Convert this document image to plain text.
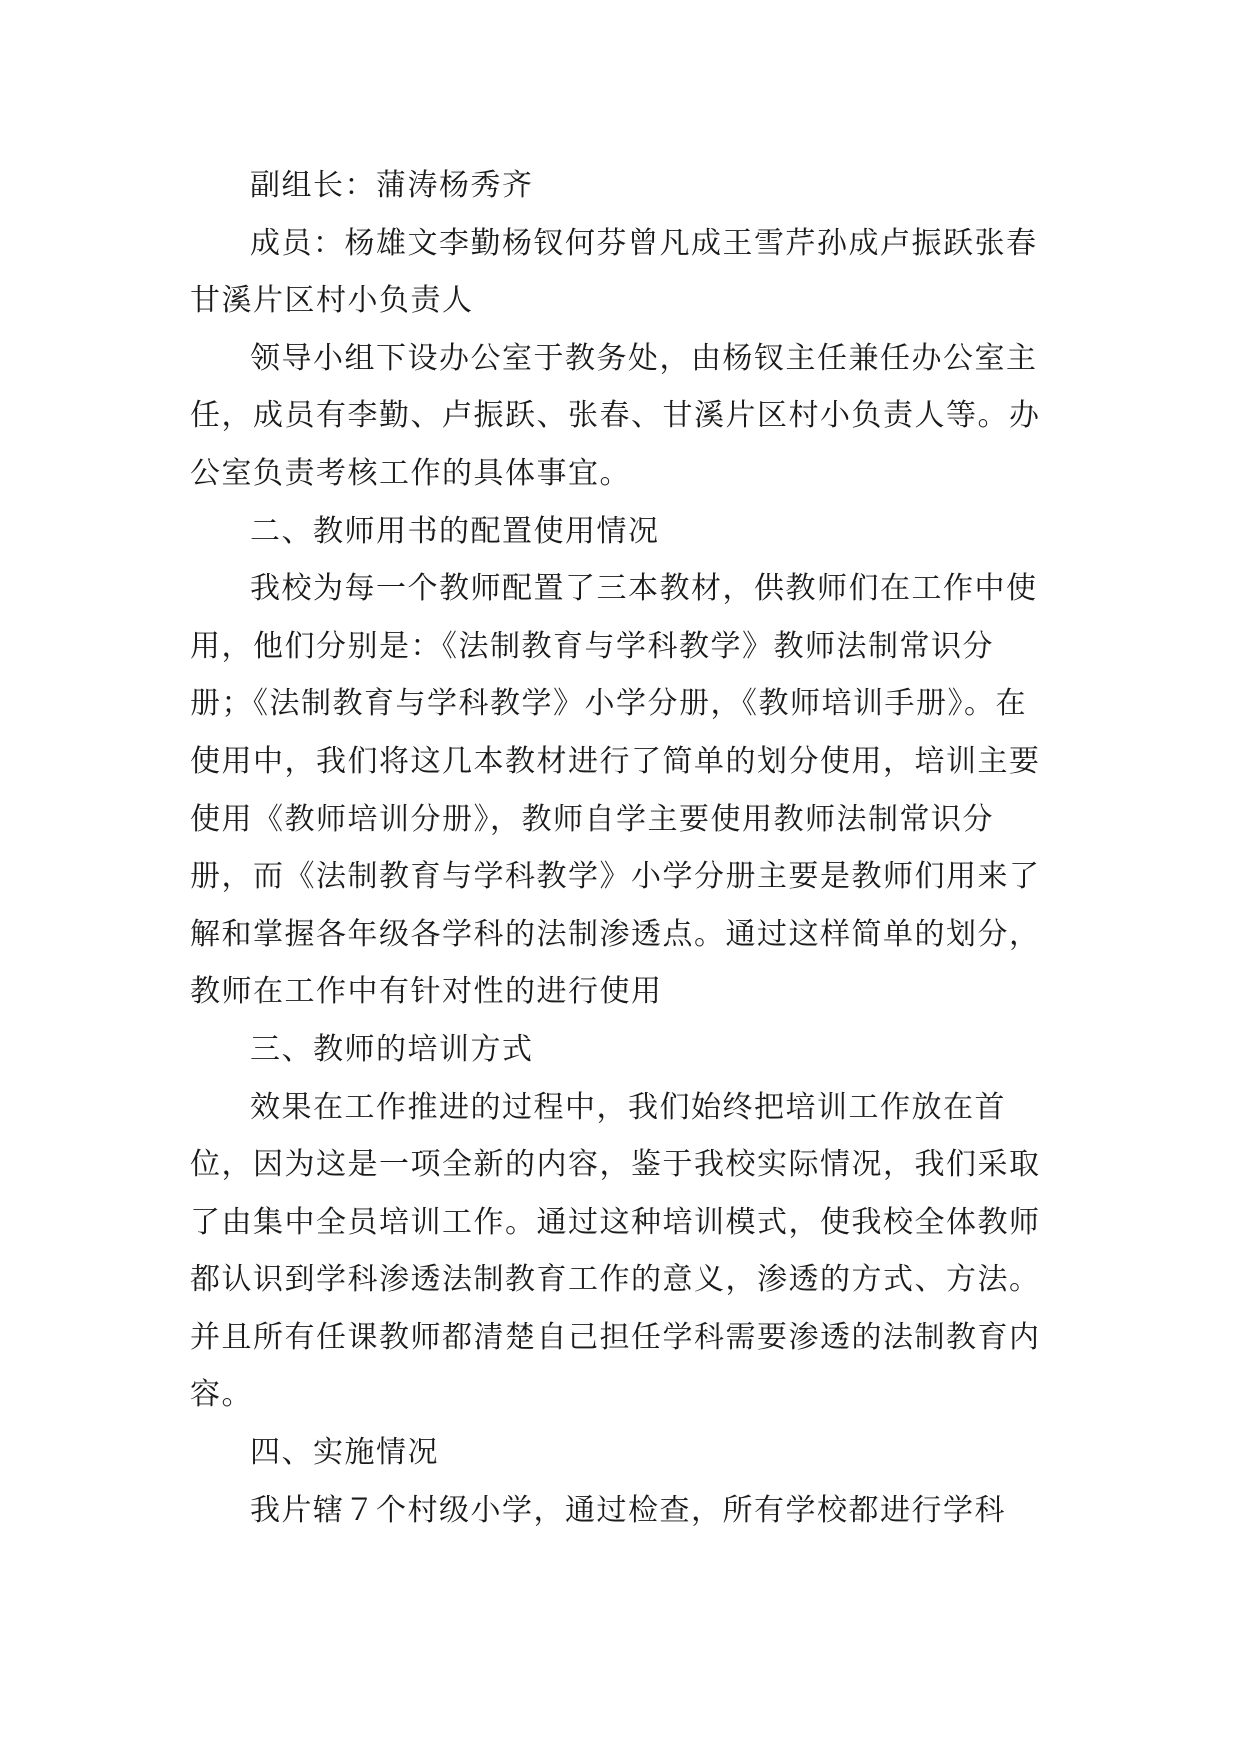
副组长：蒲涛杨秀齐

成员：杨雄文李勤杨钗何芬曾凡成王雪芹孙成卢振跃张春甘溪片区村小负责人

领导小组下设办公室于教务处，由杨钗主任兼任办公室主任，成员有李勤、卢振跃、张春、甘溪片区村小负责人等。办公室负责考核工作的具体事宜。

二、教师用书的配置使用情况

我校为每一个教师配置了三本教材，供教师们在工作中使用，他们分别是：《法制教育与学科教学》教师法制常识分册；《法制教育与学科教学》小学分册，《教师培训手册》。在使用中，我们将这几本教材进行了简单的划分使用，培训主要使用《教师培训分册》，教师自学主要使用教师法制常识分册，而《法制教育与学科教学》小学分册主要是教师们用来了解和掌握各年级各学科的法制渗透点。通过这样简单的划分，教师在工作中有针对性的进行使用

三、教师的培训方式

效果在工作推进的过程中，我们始终把培训工作放在首位，因为这是一项全新的内容，鉴于我校实际情况，我们采取了由集中全员培训工作。通过这种培训模式，使我校全体教师都认识到学科渗透法制教育工作的意义，渗透的方式、方法。并且所有任课教师都清楚自己担任学科需要渗透的法制教育内容。

四、实施情况

我片辖７个村级小学，通过检查，所有学校都进行学科
